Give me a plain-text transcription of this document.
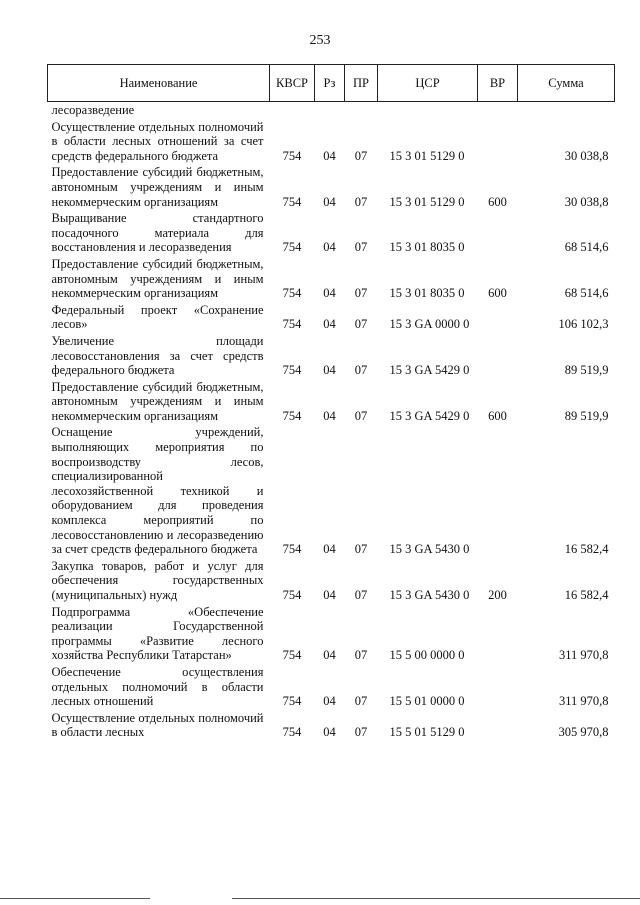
253
Наименование	КВСР	Рз	ПР	ЦСР	ВР	Сумма
лесоразведение						
Осуществление отдельных полномочий в области лесных отношений за счет средств федерального бюджета	754	04	07	15 3 01 5129 0		30 038,8
Предоставление субсидий бюджетным, автономным учреждениям и иным некоммерческим организациям	754	04	07	15 3 01 5129 0	600	30 038,8
Выращивание стандартного посадочного материала для восстановления и лесоразведения	754	04	07	15 3 01 8035 0		68 514,6
Предоставление субсидий бюджетным, автономным учреждениям и иным некоммерческим организациям	754	04	07	15 3 01 8035 0	600	68 514,6
Федеральный проект «Сохранение лесов»	754	04	07	15 3 GA 0000 0		106 102,3
Увеличение площади лесовосстановления за счет средств федерального бюджета	754	04	07	15 3 GA 5429 0		89 519,9
Предоставление субсидий бюджетным, автономным учреждениям и иным некоммерческим организациям	754	04	07	15 3 GA 5429 0	600	89 519,9
Оснащение учреждений, выполняющих мероприятия по воспроизводству лесов, специализированной лесохозяйственной техникой и оборудованием для проведения комплекса мероприятий по лесовосстановлению и лесоразведению за счет средств федерального бюджета	754	04	07	15 3 GA 5430 0		16 582,4
Закупка товаров, работ и услуг для обеспечения государственных (муниципальных) нужд	754	04	07	15 3 GA 5430 0	200	16 582,4
Подпрограмма «Обеспечение реализации Государственной программы «Развитие лесного хозяйства Республики Татарстан»	754	04	07	15 5 00 0000 0		311 970,8
Обеспечение осуществления отдельных полномочий в области лесных отношений	754	04	07	15 5 01 0000 0		311 970,8
Осуществление отдельных полномочий в области лесных	754	04	07	15 5 01 5129 0		305 970,8
